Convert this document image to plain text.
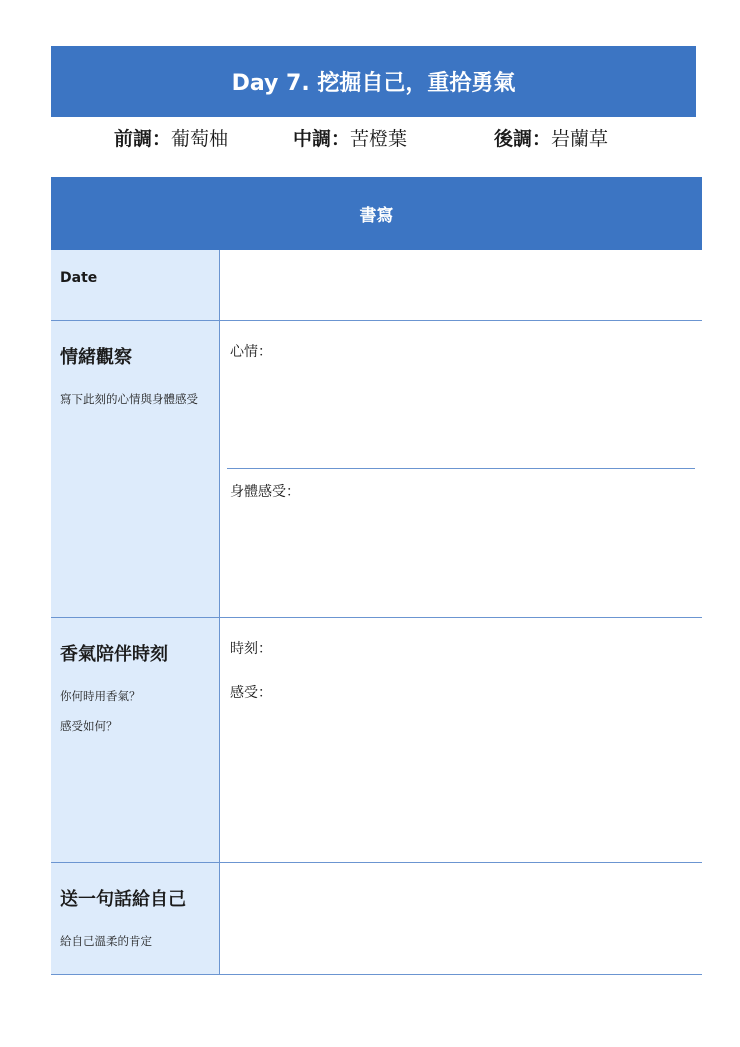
Day 7. 挖掘自己，重拾勇氣
前調：葡萄柚	中調：苦橙葉	後調：岩蘭草
書寫
Date
情緒觀察
寫下此刻的心情與身體感受
心情：
身體感受：
香氣陪伴時刻
你何時用香氣？
感受如何？
時刻：
感受：
送一句話給自己
給自己溫柔的肯定
